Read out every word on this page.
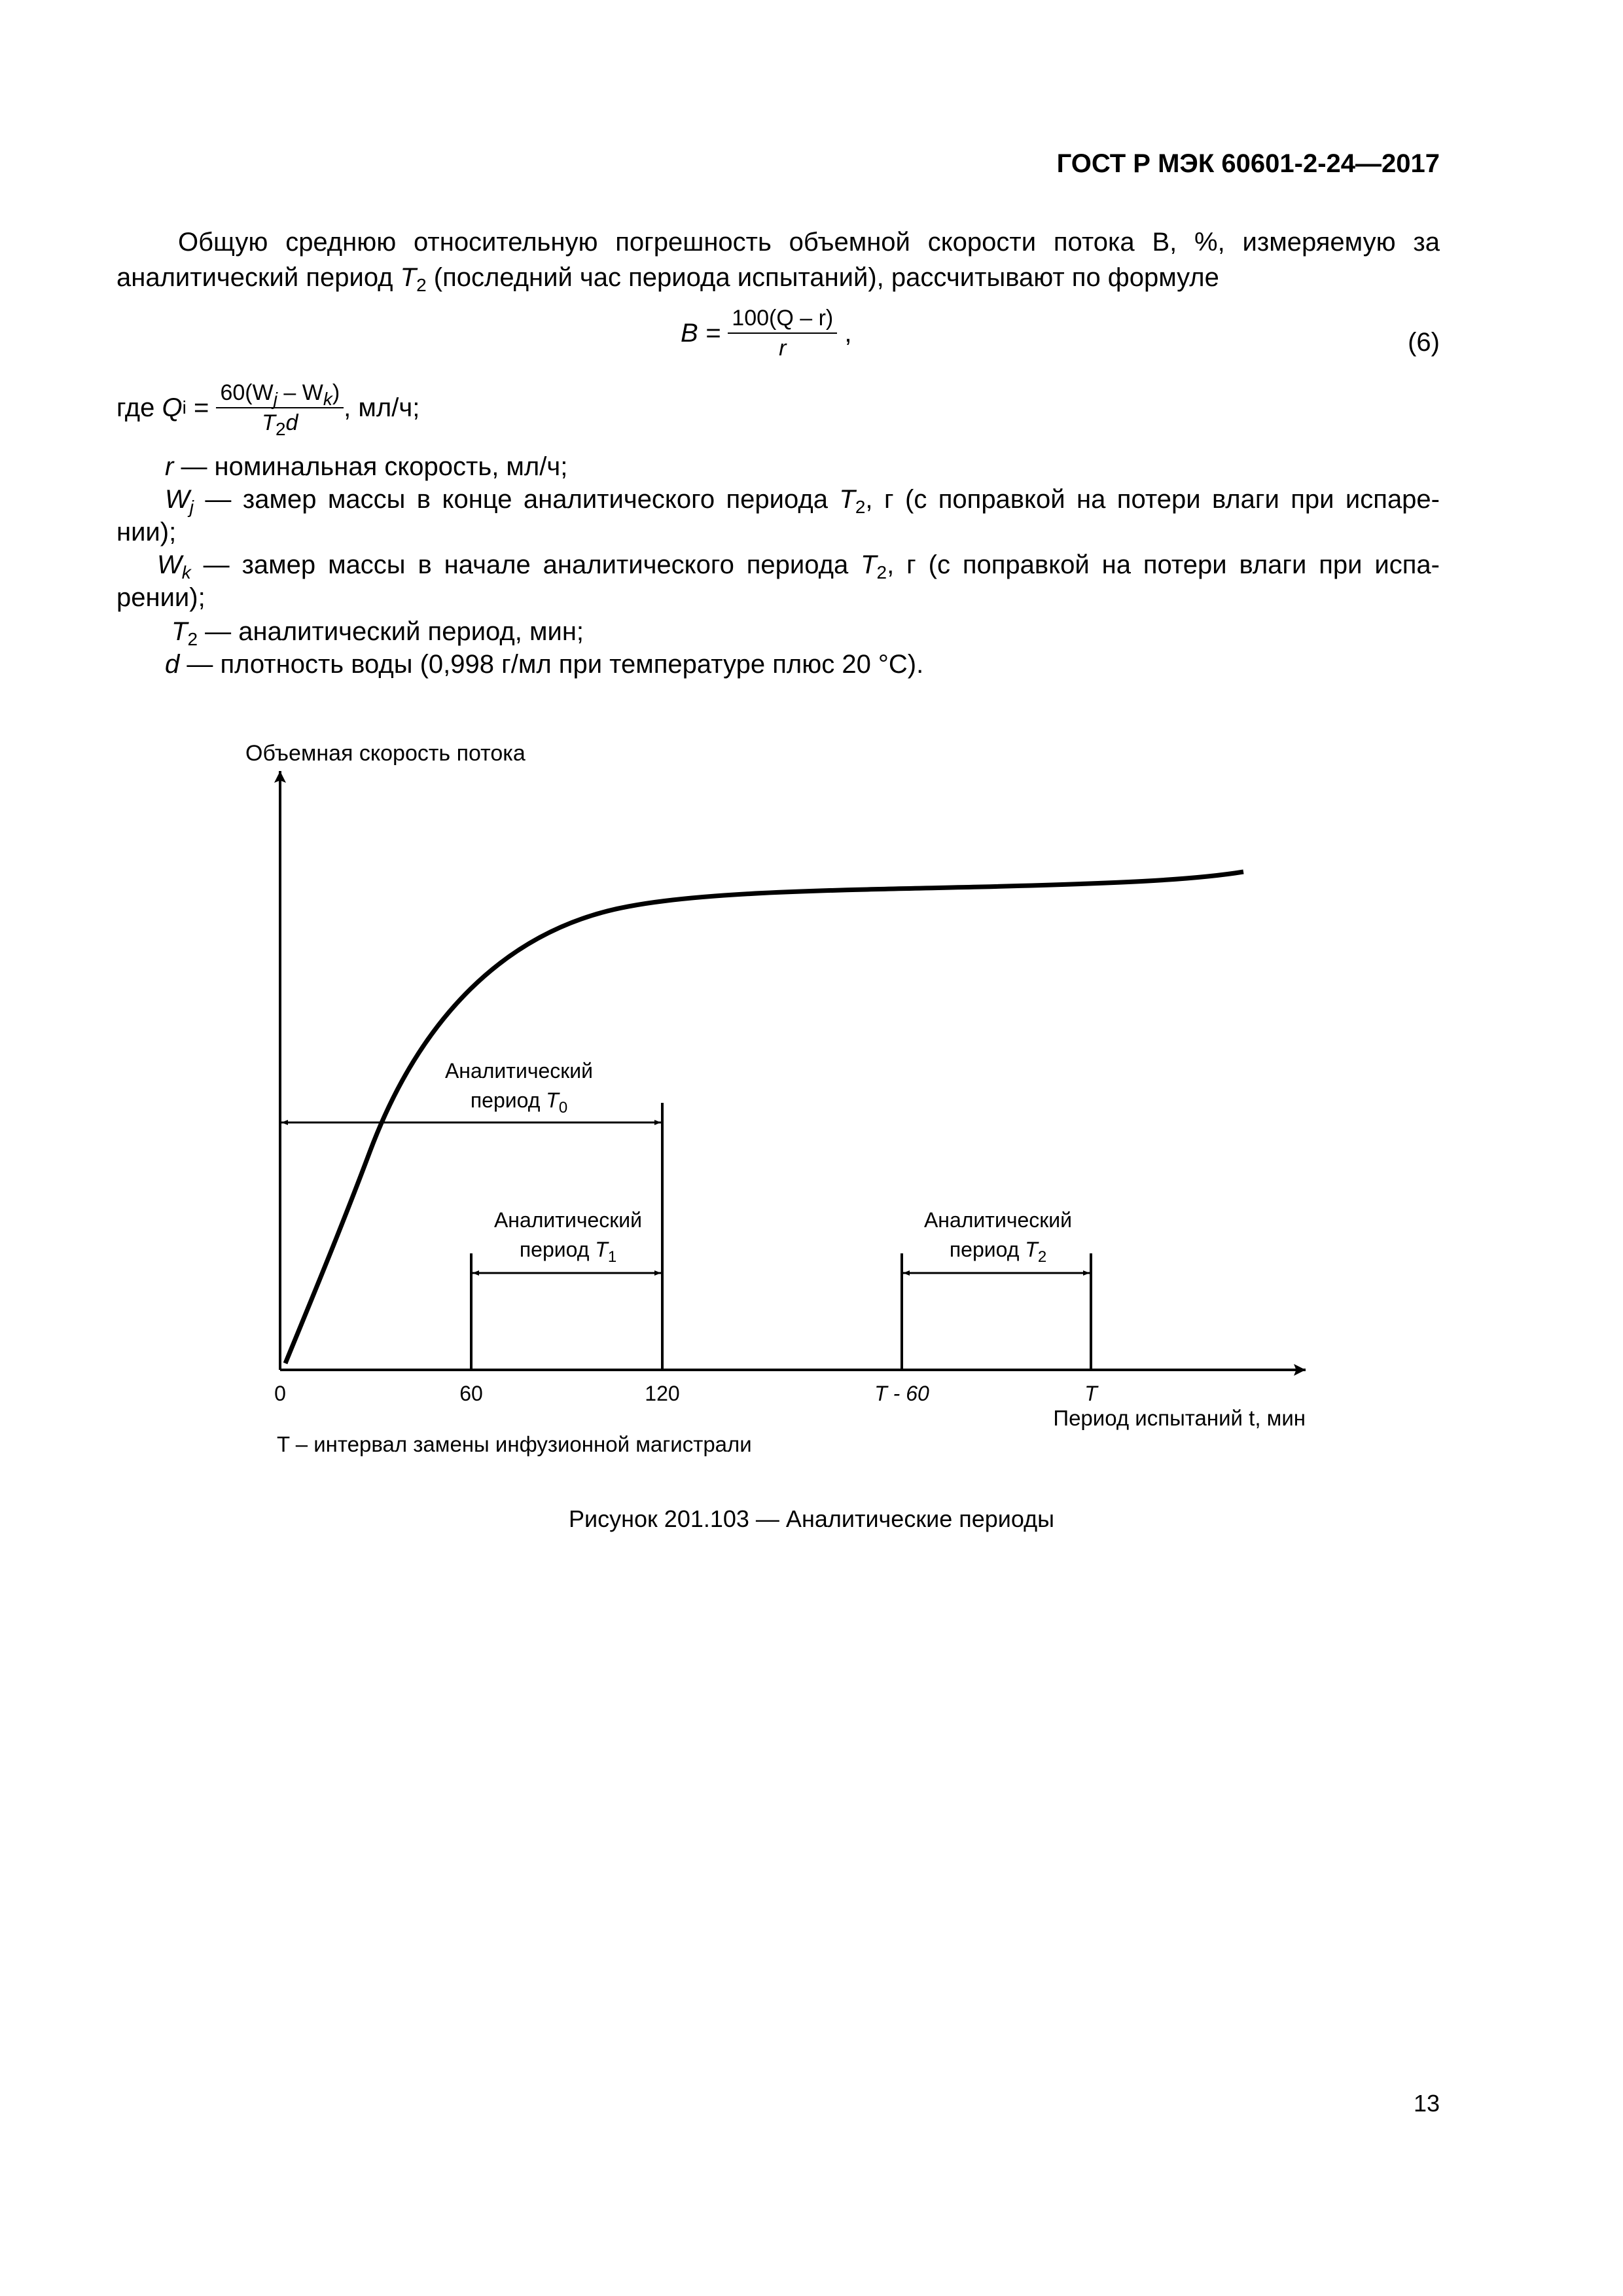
ГОСТ Р МЭК 60601-2-24—2017
Общую среднюю относительную погрешность объемной скорости потока B, %, измеряемую за
аналитический период $T_2$ (последний час периода испытаний), рассчитывают по формуле
$B = \frac{100(Q - r)}{r}$ ,	(6)
где $Qi = \frac{60(W_j - W_k)}{T_2d}$ , мл/ч;
r — номинальная скорость, мл/ч;
$W_j$ — замер массы в конце аналитического периода $T_2$, г (с поправкой на потери влаги при испаре-
нии);
$W_k$ — замер массы в начале аналитического периода $T_2$, г (с поправкой на потери влаги при испа-
рении);
$T_2$ — аналитический период, мин;
d — плотность воды (0,998 г/мл при температуре плюс 20 °С).
Объемная скорость потока
Аналитический
период $T_0$
Аналитический
период $T_1$
Аналитический
период $T_2$
0	60	120	T - 60	T
Период испытаний t, мин
T – интервал замены инфузионной магистрали
Рисунок 201.103 — Аналитические периоды
13
